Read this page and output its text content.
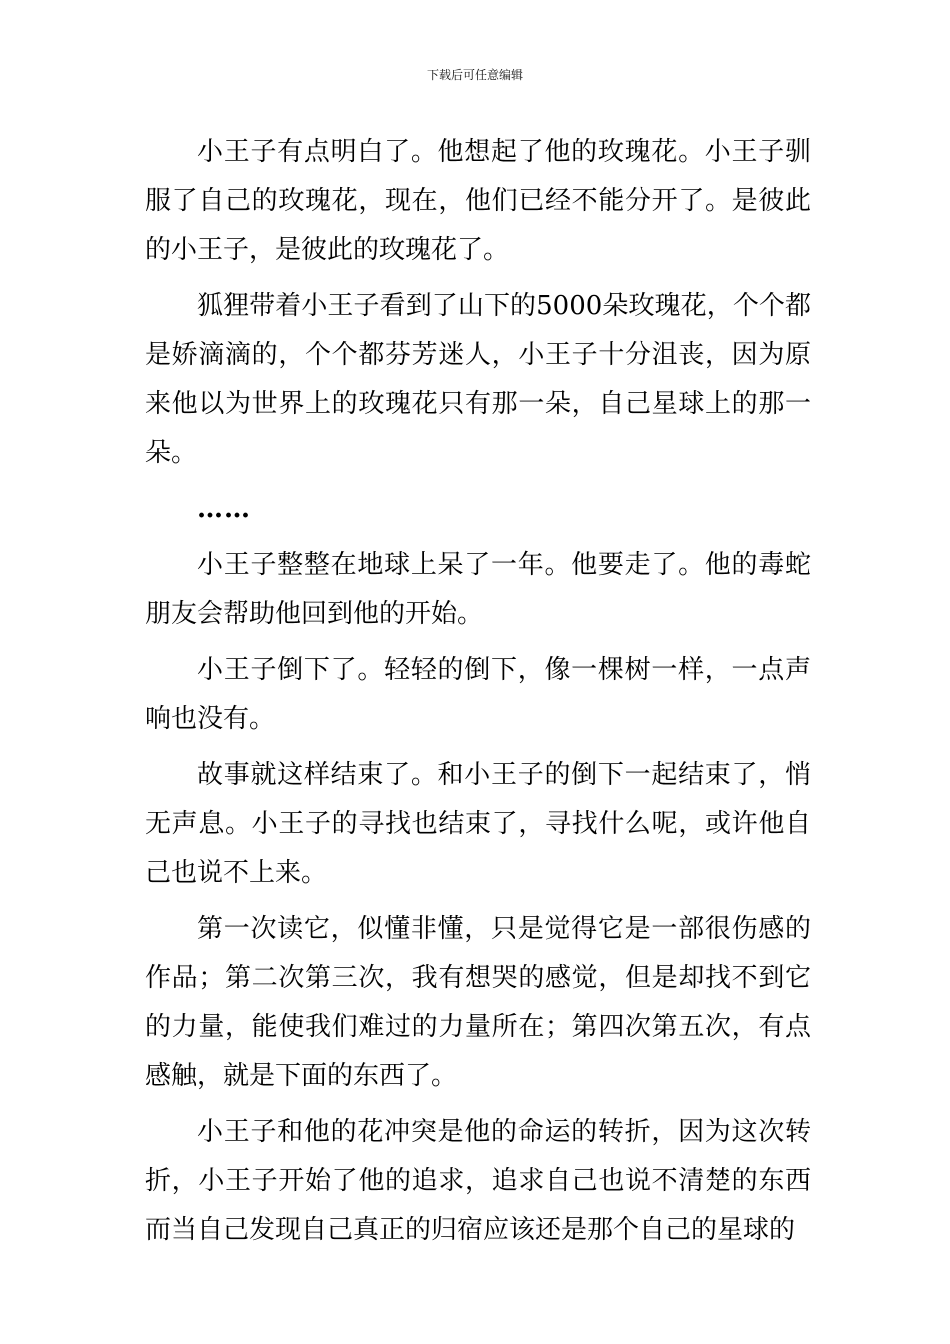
下载后可任意编辑

小王子有点明白了。他想起了他的玫瑰花。小王子驯服了自己的玫瑰花，现在，他们已经不能分开了。是彼此的小王子，是彼此的玫瑰花了。

狐狸带着小王子看到了山下的5000朵玫瑰花，个个都是娇滴滴的，个个都芬芳迷人，小王子十分沮丧，因为原来他以为世界上的玫瑰花只有那一朵，自己星球上的那一朵。

……

小王子整整在地球上呆了一年。他要走了。他的毒蛇朋友会帮助他回到他的开始。

小王子倒下了。轻轻的倒下，像一棵树一样，一点声响也没有。

故事就这样结束了。和小王子的倒下一起结束了，悄无声息。小王子的寻找也结束了，寻找什么呢，或许他自己也说不上来。

第一次读它，似懂非懂，只是觉得它是一部很伤感的作品；第二次第三次，我有想哭的感觉，但是却找不到它的力量，能使我们难过的力量所在；第四次第五次，有点感触，就是下面的东西了。

小王子和他的花冲突是他的命运的转折，因为这次转折，小王子开始了他的追求，追求自己也说不清楚的东西而当自己发现自己真正的归宿应该还是那个自己的星球的
